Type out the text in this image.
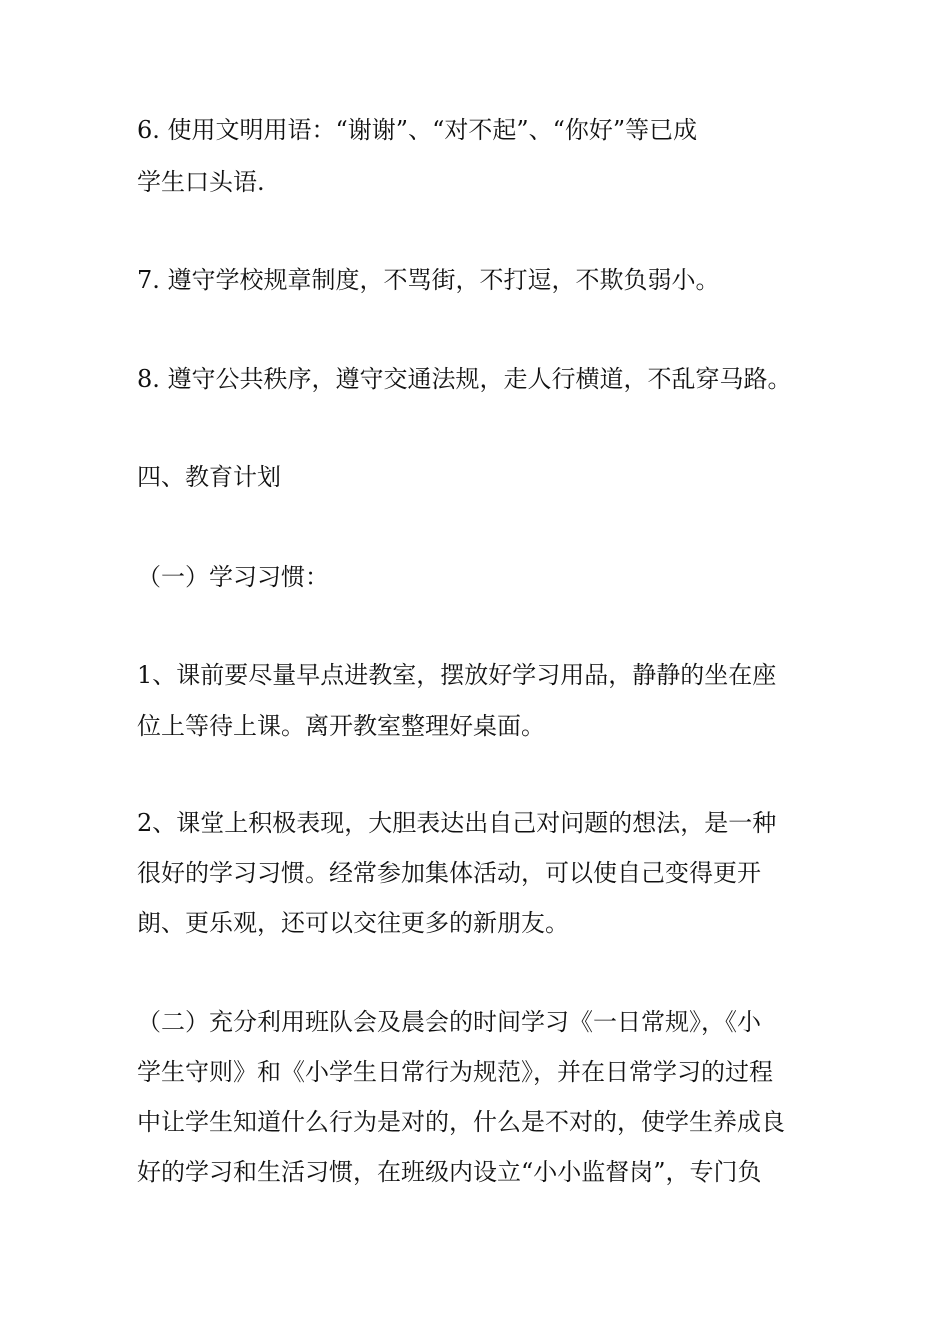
6. 使用文明用语：“谢谢”、“对不起”、“你好”等已成
学生口头语.
7. 遵守学校规章制度，不骂街，不打逗，不欺负弱小。
8. 遵守公共秩序，遵守交通法规，走人行横道，不乱穿马路。
四、教育计划
（一）学习习惯：
1、课前要尽量早点进教室，摆放好学习用品，静静的坐在座
位上等待上课。离开教室整理好桌面。
2、课堂上积极表现，大胆表达出自己对问题的想法，是一种
很好的学习习惯。经常参加集体活动，可以使自己变得更开
朗、更乐观，还可以交往更多的新朋友。
（二）充分利用班队会及晨会的时间学习《一日常规》，《小
学生守则》和《小学生日常行为规范》，并在日常学习的过程
中让学生知道什么行为是对的，什么是不对的，使学生养成良
好的学习和生活习惯，在班级内设立“小小监督岗”，专门负
